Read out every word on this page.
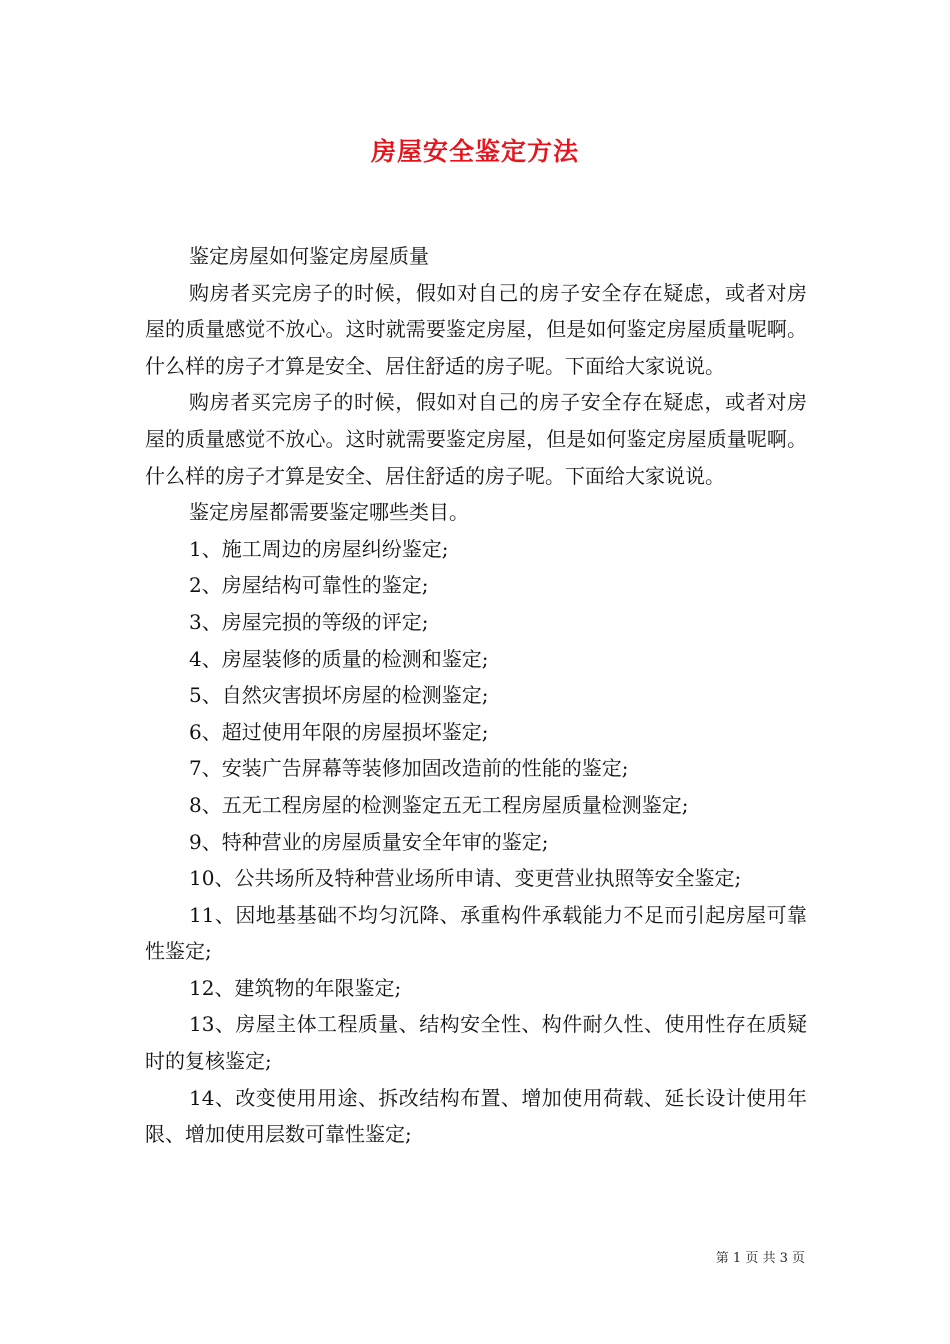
房屋安全鉴定方法

鉴定房屋如何鉴定房屋质量

购房者买完房子的时候，假如对自己的房子安全存在疑虑，或者对房屋的质量感觉不放心。这时就需要鉴定房屋，但是如何鉴定房屋质量呢啊。什么样的房子才算是安全、居住舒适的房子呢。下面给大家说说。

购房者买完房子的时候，假如对自己的房子安全存在疑虑，或者对房屋的质量感觉不放心。这时就需要鉴定房屋，但是如何鉴定房屋质量呢啊。什么样的房子才算是安全、居住舒适的房子呢。下面给大家说说。

鉴定房屋都需要鉴定哪些类目。

1、施工周边的房屋纠纷鉴定;

2、房屋结构可靠性的鉴定;

3、房屋完损的等级的评定;

4、房屋装修的质量的检测和鉴定;

5、自然灾害损坏房屋的检测鉴定;

6、超过使用年限的房屋损坏鉴定;

7、安装广告屏幕等装修加固改造前的性能的鉴定;

8、五无工程房屋的检测鉴定五无工程房屋质量检测鉴定;

9、特种营业的房屋质量安全年审的鉴定;

10、公共场所及特种营业场所申请、变更营业执照等安全鉴定;

11、因地基基础不均匀沉降、承重构件承载能力不足而引起房屋可靠性鉴定;

12、建筑物的年限鉴定;

13、房屋主体工程质量、结构安全性、构件耐久性、使用性存在质疑时的复核鉴定;

14、改变使用用途、拆改结构布置、增加使用荷载、延长设计使用年限、增加使用层数可靠性鉴定;

第 1 页 共 3 页
